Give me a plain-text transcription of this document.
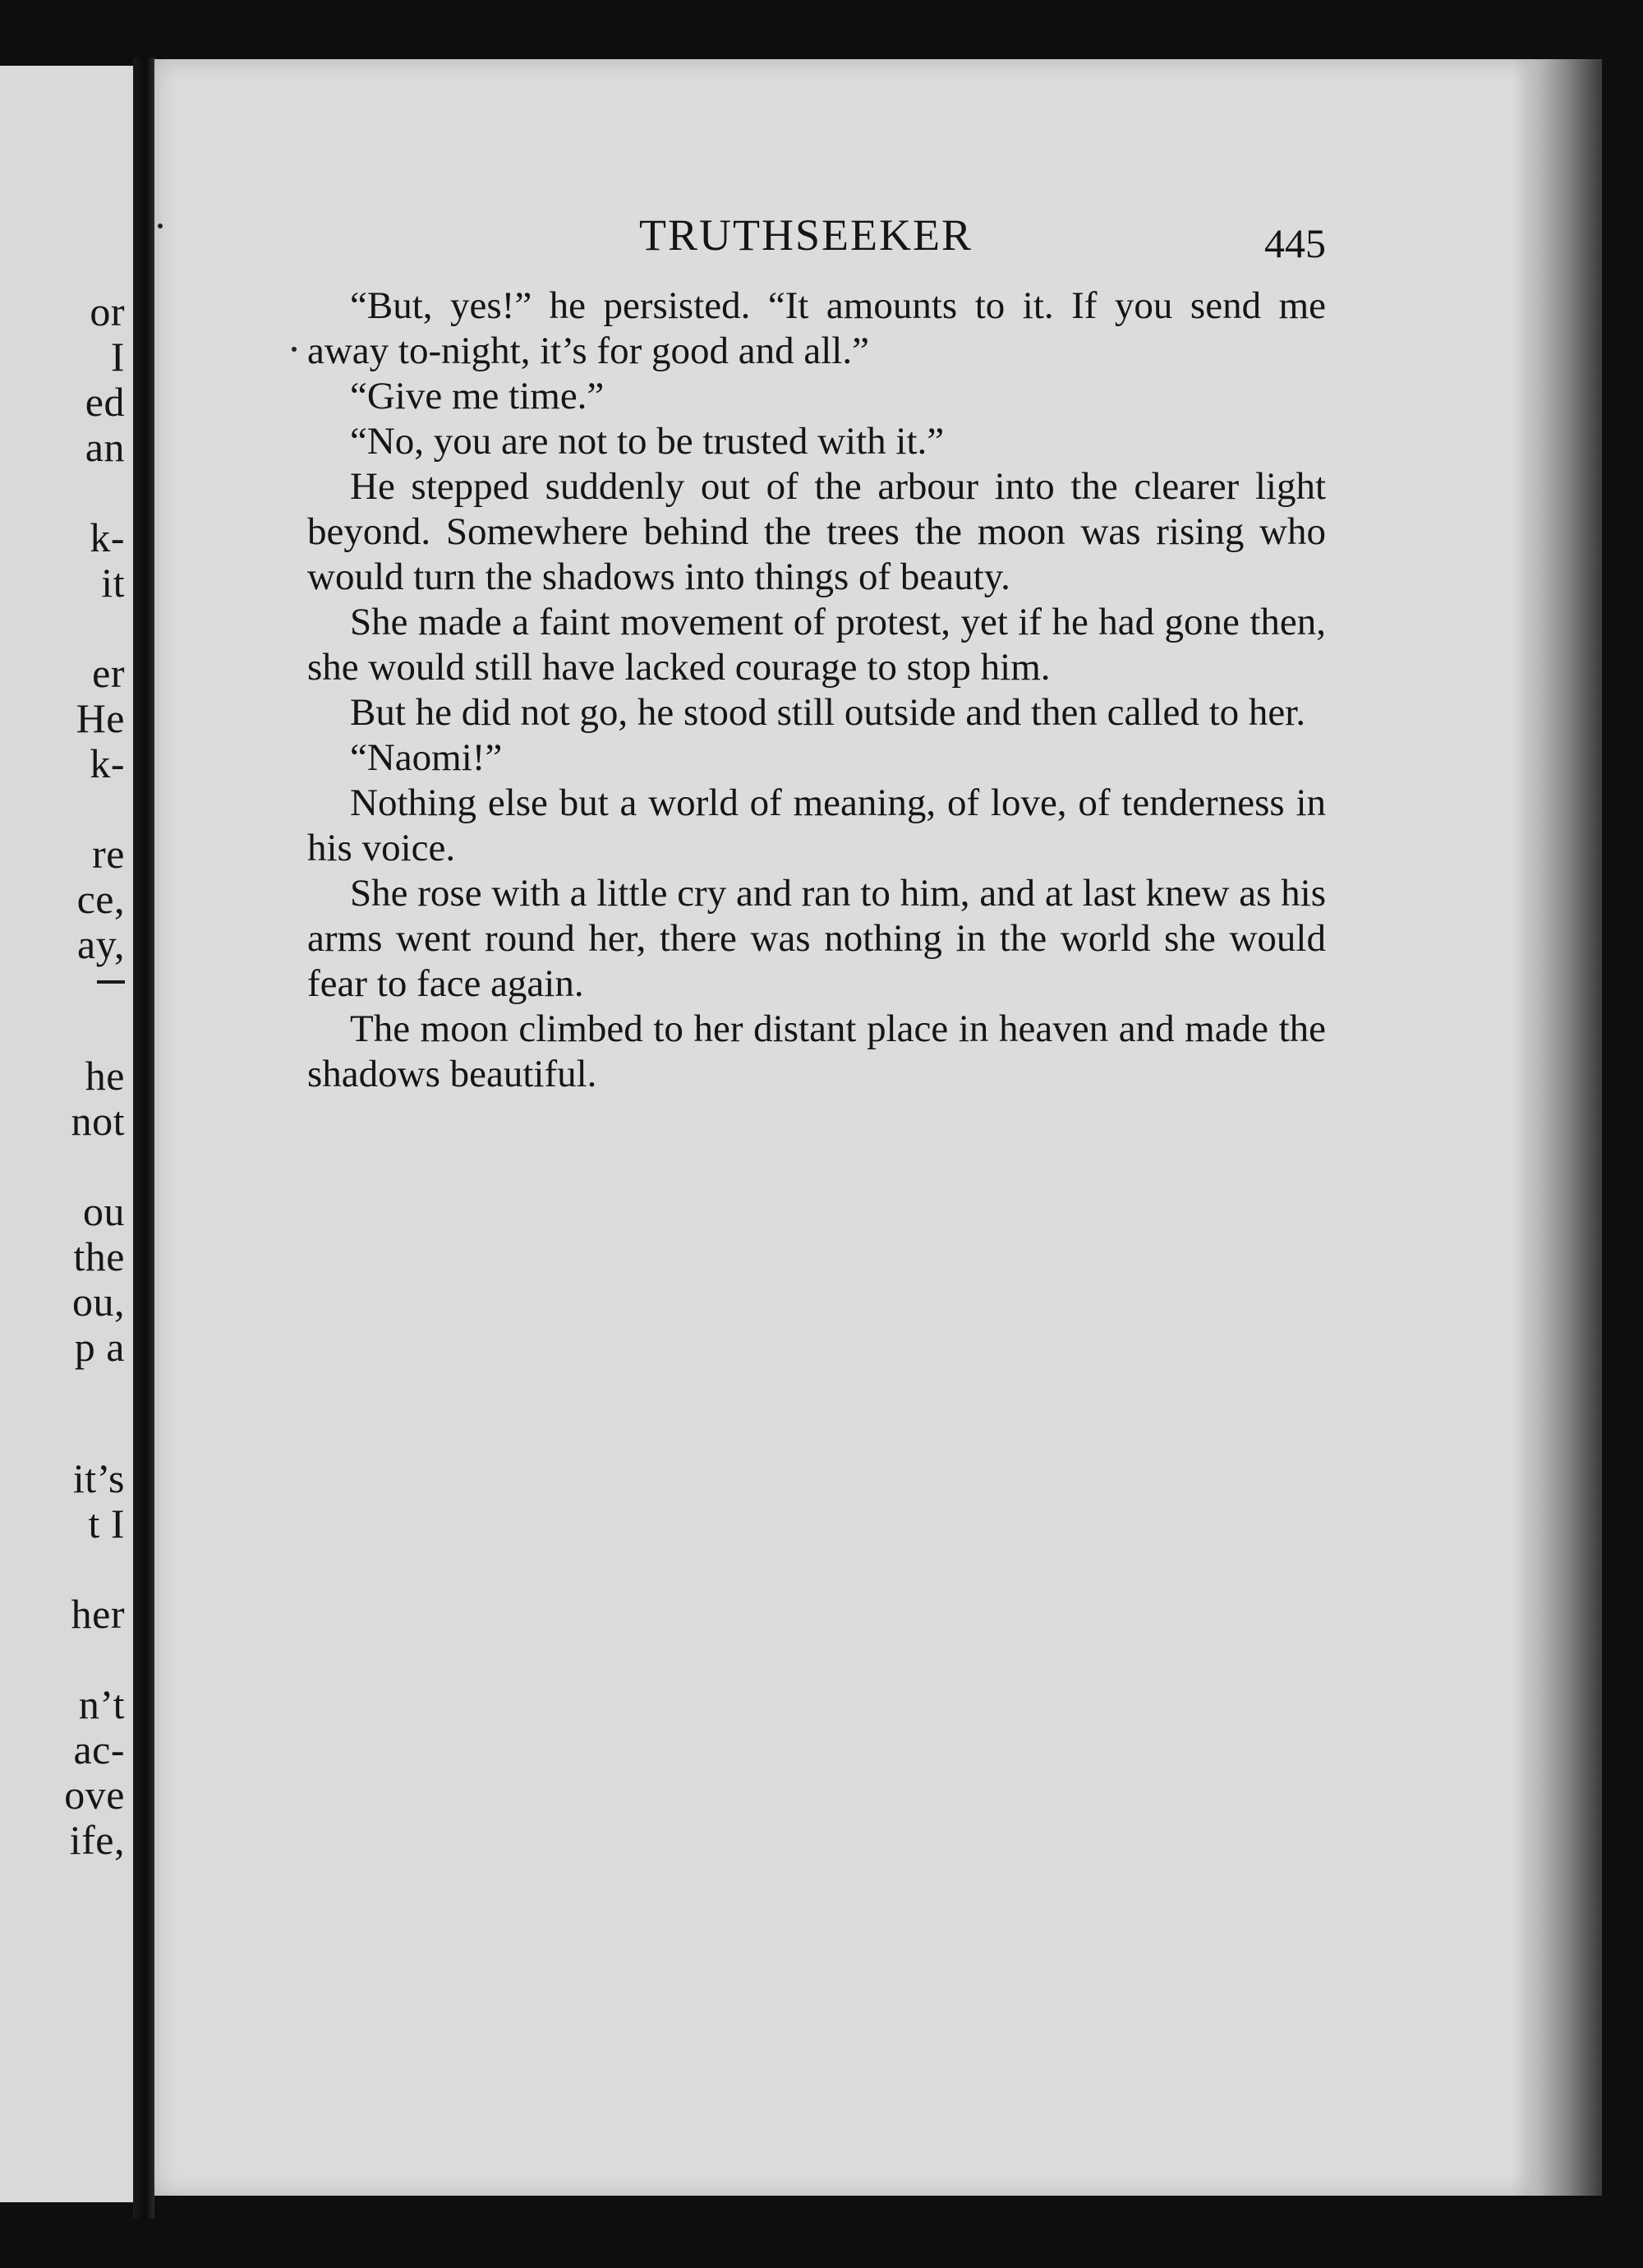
or
I
ed
an
k-
it
er
He
k-
re
ce,
ay,
he
not
ou
the
ou,
p a
it’s
t I
her
n’t
ac-
ove
ife,
TRUTHSEEKER	445

“But, yes!” he persisted. “It amounts to it. If you send me away to-night, it’s for good and all.”

“Give me time.”

“No, you are not to be trusted with it.”

He stepped suddenly out of the arbour into the clearer light beyond. Somewhere behind the trees the moon was rising who would turn the shadows into things of beauty.

She made a faint movement of protest, yet if he had gone then, she would still have lacked courage to stop him.

But he did not go, he stood still outside and then called to her.

“Naomi!”

Nothing else but a world of meaning, of love, of tenderness in his voice.

She rose with a little cry and ran to him, and at last knew as his arms went round her, there was nothing in the world she would fear to face again.

The moon climbed to her distant place in heaven and made the shadows beautiful.
